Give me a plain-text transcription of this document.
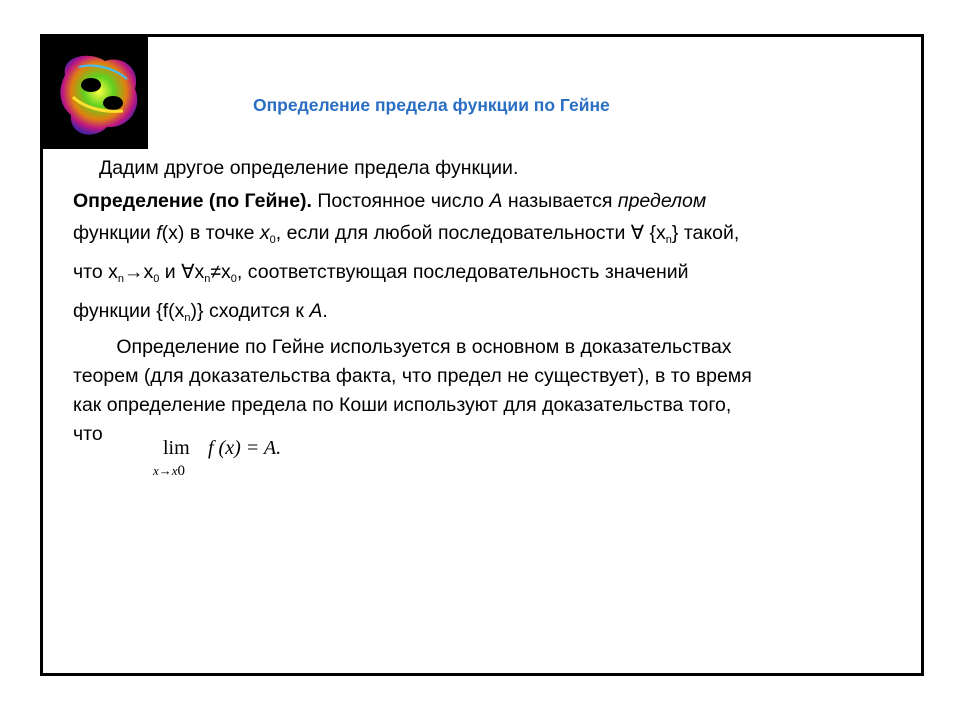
Определение предела функции по Гейне
Дадим другое определение предела функции.
Определение (по Гейне). Постоянное число A называется пределом
функции f(x) в точке $x_0$, если для любой последовательности ∀ $\{x_n\}$ такой,
что $x_n\to x_0$ и $\forall x_n\ne x_0$, соответствующая последовательность значений
функции $\{f(x_n)\}$ сходится к A.
Определение по Гейне используется в основном в доказательствах
теорем (для доказательства факта, что предел не существует), в то время
как определение предела по Коши используют для доказательства того,
что
lim
x→x0
f (x) = A.
